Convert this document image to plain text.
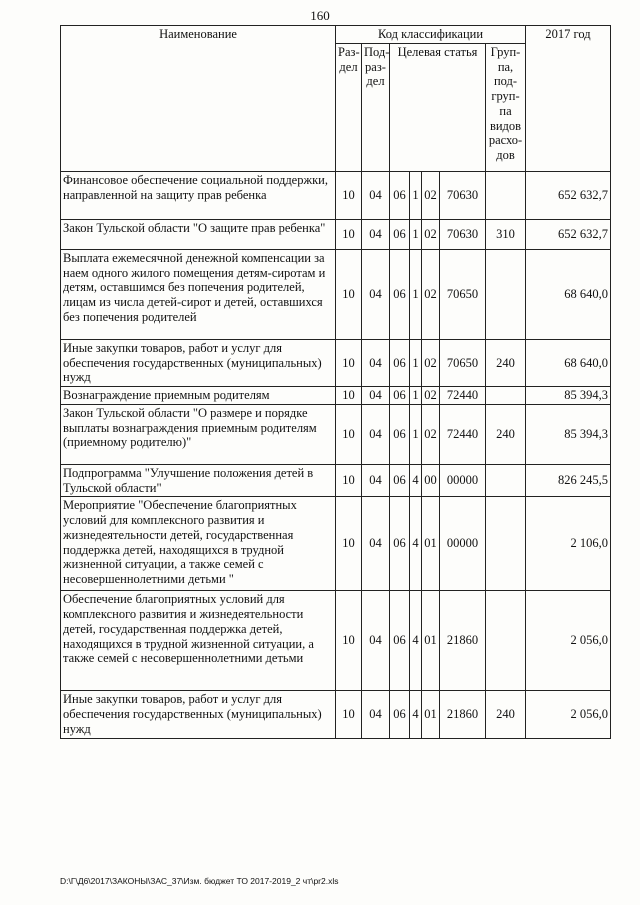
160
Наименование	Код классификации							2017 год
	Раз-дел	Под-раз-дел	Целевая статья				Груп-па, под-груп-па видов расхо-дов	
Финансовое обеспечение социальной поддержки, направленной на защиту прав ребенка	10	04	06	1	02	70630		652 632,7
Закон Тульской области "О защите прав ребенка"	10	04	06	1	02	70630	310	652 632,7
Выплата ежемесячной денежной компенсации за наем одного жилого помещения детям-сиротам и детям, оставшимся без попечения родителей, лицам из числа детей-сирот и детей, оставшихся без попечения родителей	10	04	06	1	02	70650		68 640,0
Иные закупки товаров, работ и услуг для обеспечения государственных (муниципальных) нужд	10	04	06	1	02	70650	240	68 640,0
Вознаграждение приемным родителям	10	04	06	1	02	72440		85 394,3
Закон Тульской области "О размере и порядке выплаты вознаграждения приемным родителям (приемному родителю)"	10	04	06	1	02	72440	240	85 394,3
Подпрограмма "Улучшение положения детей в Тульской области"	10	04	06	4	00	00000		826 245,5
Мероприятие "Обеспечение благоприятных условий для комплексного развития и жизнедеятельности детей, государственная поддержка детей, находящихся в трудной жизненной ситуации, а также семей с несовершеннолетними детьми "	10	04	06	4	01	00000		2 106,0
Обеспечение благоприятных условий для комплексного развития и жизнедеятельности детей, государственная поддержка детей, находящихся в трудной жизненной ситуации, а также семей с несовершеннолетними детьми	10	04	06	4	01	21860		2 056,0
Иные закупки товаров, работ и услуг для обеспечения государственных (муниципальных) нужд	10	04	06	4	01	21860	240	2 056,0
D:\Г\Д6\2017\ЗАКОНЫ\ЗАС_37\Изм. бюджет ТО 2017-2019_2 чт\pr2.xls
